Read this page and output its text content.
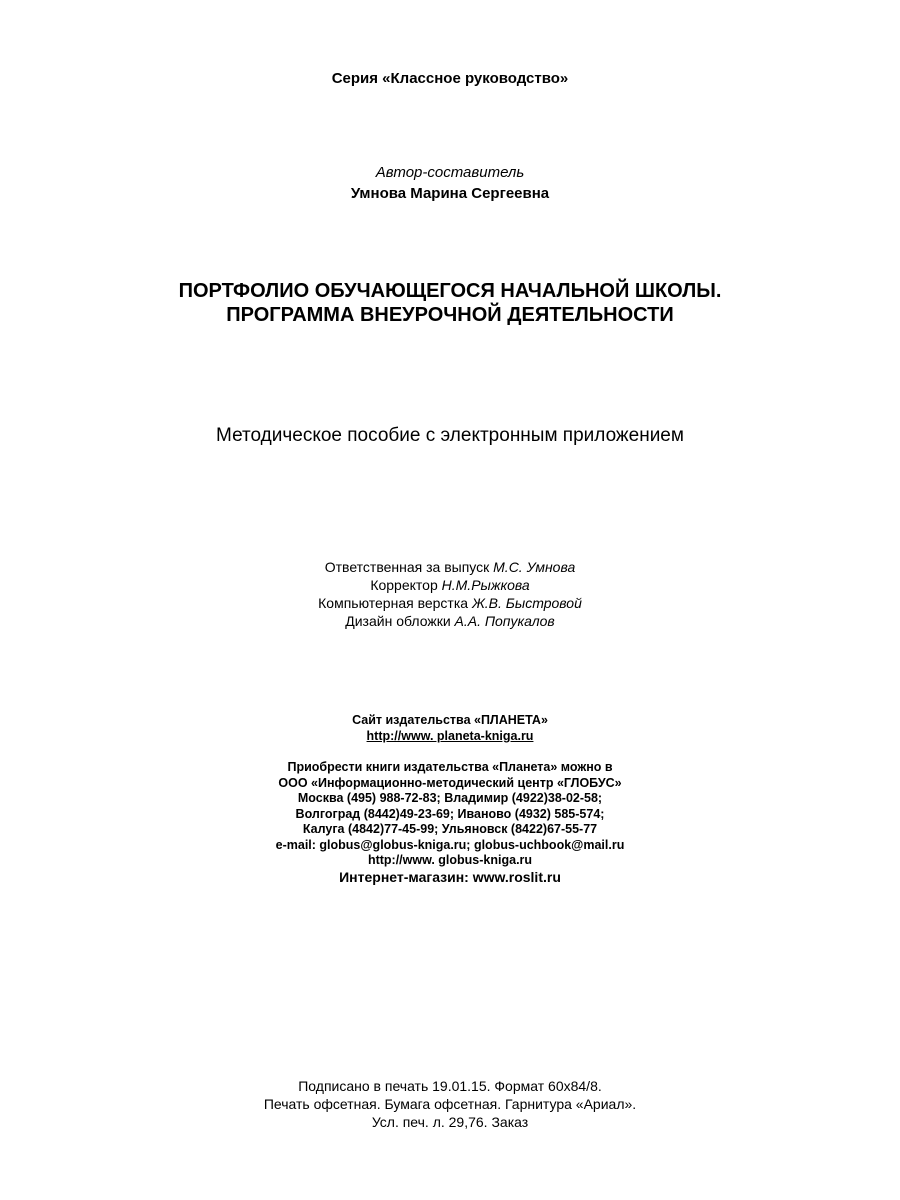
Серия «Классное руководство»
Автор-составитель
Умнова Марина Сергеевна
ПОРТФОЛИО ОБУЧАЮЩЕГОСЯ НАЧАЛЬНОЙ ШКОЛЫ.
ПРОГРАММА ВНЕУРОЧНОЙ ДЕЯТЕЛЬНОСТИ
Методическое пособие с электронным приложением
Ответственная за выпуск М.С. Умнова
Корректор Н.М.Рыжкова
Компьютерная верстка Ж.В. Быстровой
Дизайн обложки А.А. Попукалов
Сайт издательства «ПЛАНЕТА»
http://www. planeta-kniga.ru
Приобрести книги издательства «Планета» можно в
ООО «Информационно-методический центр «ГЛОБУС»
Москва (495) 988-72-83; Владимир (4922)38-02-58;
Волгоград (8442)49-23-69; Иваново (4932) 585-574;
Калуга (4842)77-45-99; Ульяновск (8422)67-55-77
e-mail: globus@globus-kniga.ru; globus-uchbook@mail.ru
http://www. globus-kniga.ru
Интернет-магазин: www.roslit.ru
Подписано в печать 19.01.15. Формат 60х84/8.
Печать офсетная. Бумага офсетная. Гарнитура «Ариал».
Усл. печ. л. 29,76. Заказ
